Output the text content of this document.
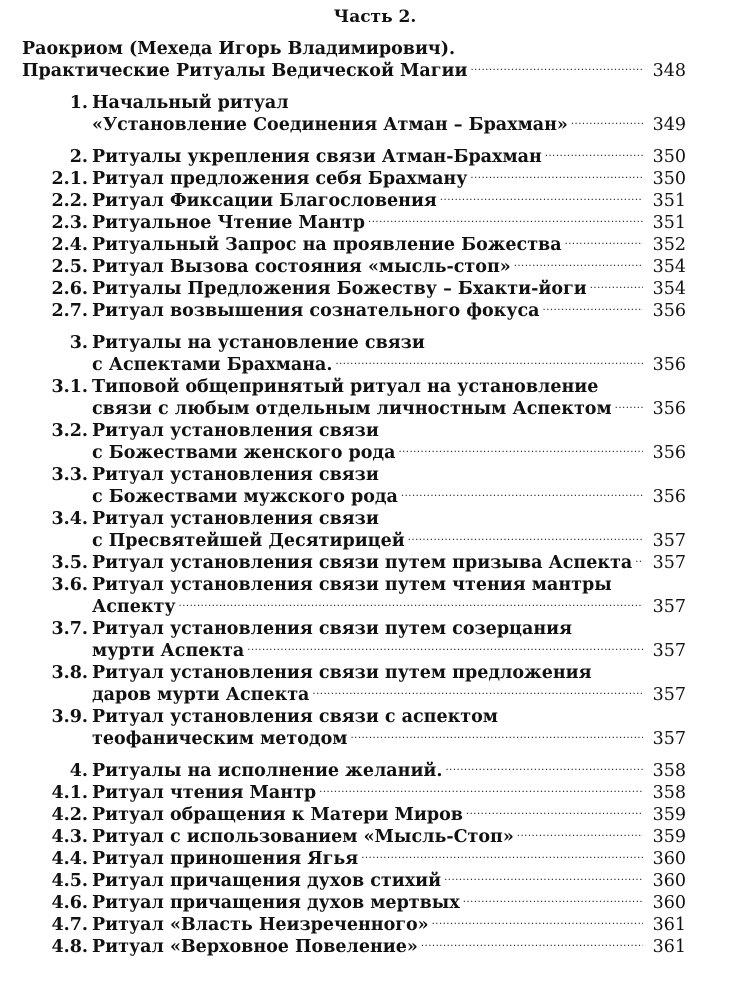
Часть 2.
Раокриом (Мехеда Игорь Владимирович).
Практические Ритуалы Ведической Магии .....	348
1. Начальный ритуал
«Установление Соединения Атман – Брахман» .....	349
2. Ритуалы укрепления связи Атман-Брахман .....	350
2.1. Ритуал предложения себя Брахману .....	350
2.2. Ритуал Фиксации Благословения .....	351
2.3. Ритуальное Чтение Мантр .....	351
2.4. Ритуальный Запрос на проявление Божества .....	352
2.5. Ритуал Вызова состояния «мысль-стоп» .....	354
2.6. Ритуалы Предложения Божеству – Бхакти-йоги .....	354
2.7. Ритуал возвышения сознательного фокуса .....	356
3. Ритуалы на установление связи
с Аспектами Брахмана. .....	356
3.1. Типовой общепринятый ритуал на установление
связи с любым отдельным личностным Аспектом .....	356
3.2. Ритуал установления связи
с Божествами женского рода .....	356
3.3. Ритуал установления связи
с Божествами мужского рода .....	356
3.4. Ритуал установления связи
с Пресвятейшей Десятирицей .....	357
3.5. Ритуал установления связи путем призыва Аспекта .....	357
3.6. Ритуал установления связи путем чтения мантры
Аспекту .....	357
3.7. Ритуал установления связи путем созерцания
мурти Аспекта .....	357
3.8. Ритуал установления связи путем предложения
даров мурти Аспекта .....	357
3.9. Ритуал установления связи с аспектом
теофаническим методом .....	357
4. Ритуалы на исполнение желаний. .....	358
4.1. Ритуал чтения Мантр .....	358
4.2. Ритуал обращения к Матери Миров .....	359
4.3. Ритуал с использованием «Мысль-Стоп» .....	359
4.4. Ритуал приношения Ягья .....	360
4.5. Ритуал причащения духов стихий .....	360
4.6. Ритуал причащения духов мертвых .....	360
4.7. Ритуал «Власть Неизреченного» .....	361
4.8. Ритуал «Верховное Повеление» .....	361
